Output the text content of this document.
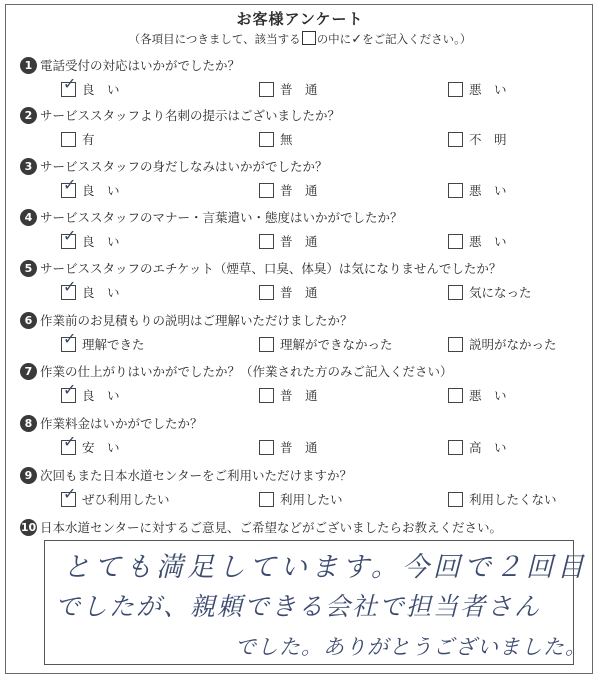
お客様アンケート
（各項目につきまして、該当する の中に✓をご記入ください。）
1 電話受付の対応はいかがでしたか？
✓ 良　い	普　通	悪　い
2 サービススタッフより名刺の提示はございましたか？
有	無	不　明
3 サービススタッフの身だしなみはいかがでしたか？
✓ 良　い	普　通	悪　い
4 サービススタッフのマナー・言葉遣い・態度はいかがでしたか？
✓ 良　い	普　通	悪　い
5 サービススタッフのエチケット（煙草、口臭、体臭）は気になりませんでしたか？
✓ 良　い	普　通	気になった
6 作業前のお見積もりの説明はご理解いただけましたか？
✓ 理解できた	理解ができなかった	説明がなかった
7 作業の仕上がりはいかがでしたか？（作業された方のみご記入ください）
✓ 良　い	普　通	悪　い
8 作業料金はいかがでしたか？
✓ 安　い	普　通	高　い
9 次回もまた日本水道センターをご利用いただけますか？
✓ ぜひ利用したい	利用したい	利用したくない
10 日本水道センターに対するご意見、ご希望などがございましたらお教えください。
とても満足しています。今回で２回目
でしたが、親頼できる会社で担当者さん
でした。ありがとうございました。
